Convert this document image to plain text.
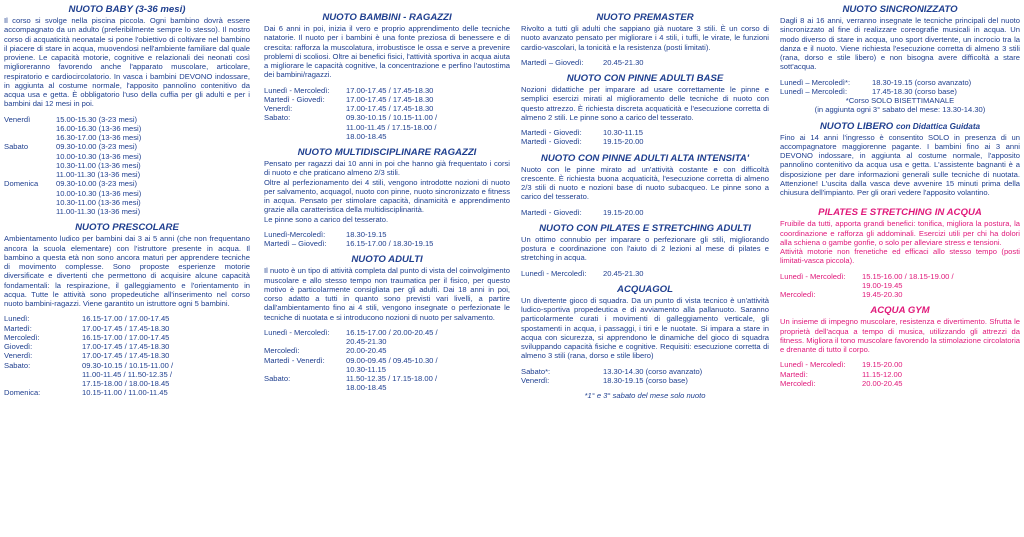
NUOTO BABY (3-36 mesi)

Il corso si svolge nella piscina piccola. Ogni bambino dovrà essere accompagnato da un adulto (preferibilmente sempre lo stesso). Il nostro corso di acquaticità neonatale si pone l'obiettivo di coltivare nel bambino il piacere di stare in acqua, muovendosi nell'ambiente familiare dal quale proviene. Le capacità motorie, cognitive e relazionali dei neonati così miglioreranno favorendo anche l'apparato muscolare, articolare, respiratorio e cardiocircolatorio. In vasca i bambini DEVONO indossare, in aggiunta al costume normale, l'apposito pannolino contenitivo da acqua usa e getta. È obbligatorio l'uso della cuffia per gli adulti e per i bambini dai 12 mesi in poi.

Venerdì	15.00-15.30 (3-23 mesi)
16.00-16.30 (13-36 mesi)
16.30-17.00 (13-36 mesi)
Sabato	09.30-10.00 (3-23 mesi)
10.00-10.30 (13-36 mesi)
10.30-11.00 (13-36 mesi)
11.00-11.30 (13-36 mesi)
Domenica	09.30-10.00 (3-23 mesi)
10.00-10.30 (13-36 mesi)
10.30-11.00 (13-36 mesi)
11.00-11.30 (13-36 mesi)
NUOTO PRESCOLARE

Ambientamento ludico per bambini dai 3 ai 5 anni (che non frequentano ancora la scuola elementare) con l'istruttore presente in acqua. Il bambino a questa età non sono ancora maturi per apprendere tecniche di movimento complesse. Sono proposte esperienze motorie diversificate e divertenti che permettono di acquisire alcune capacità fondamentali: la respirazione, il galleggiamento e l'orientamento in acqua. Tutte le attività sono propedeutiche all'inserimento nel corso nuoto bambini-ragazzi. Viene garantito un istruttore ogni 5 bambini.

Lunedì:	16.15-17.00 / 17.00-17.45
Martedì:	17.00-17.45 / 17.45-18.30
Mercoledì:	16.15-17.00 / 17.00-17.45
Giovedì:	17.00-17.45 / 17.45-18.30
Venerdì:	17.00-17.45 / 17.45-18.30
Sabato:	09.30-10.15 / 10.15-11.00 /
11.00-11.45 / 11.50-12.35 /
17.15-18.00 / 18.00-18.45
Domenica:	10.15-11.00 / 11.00-11.45
NUOTO BAMBINI - RAGAZZI

Dai 6 anni in poi, inizia il vero e proprio apprendimento delle tecniche natatorie. Il nuoto per i bambini è una fonte preziosa di benessere e di crescita: rafforza la muscolatura, irrobustisce le ossa e serve a prevenire problemi di scoliosi. Oltre ai benefici fisici, l'attività sportiva in acqua aiuta a migliorare le capacità cognitive, la concentrazione e perfino l'autostima dei bambini/ragazzi.

Lunedì - Mercoledì:	17.00-17.45 / 17.45-18.30
Martedì - Giovedì:	17.00-17.45 / 17.45-18.30
Venerdì:	17.00-17.45 / 17.45-18.30
Sabato:	09.30-10.15 / 10.15-11.00 /
11.00-11.45 / 17.15-18.00 /
18.00-18.45
NUOTO MULTIDISCIPLINARE RAGAZZI

Pensato per ragazzi dai 10 anni in poi che hanno già frequentato i corsi di nuoto e che praticano almeno 2/3 stili.

Oltre al perfezionamento dei 4 stili, vengono introdotte nozioni di nuoto per salvamento, acquagol, nuoto con pinne, nuoto sincronizzato e fitness in acqua. Pensato per stimolare capacità, dinamicità e apprendimento grazie alla caratteristica della multidisciplinarità.

Le pinne sono a carico del tesserato.

Lunedì-Mercoledì:	18.30-19.15
Martedì – Giovedì:	16.15-17.00 / 18.30-19.15
NUOTO ADULTI

Il nuoto è un tipo di attività completa dal punto di vista del coinvolgimento muscolare e allo stesso tempo non traumatica per il fisico, per questo motivo è particolarmente consigliata per gli adulti. Dai 18 anni in poi, corso adatto a tutti in quanto sono previsti vari livelli, a partire dall'ambientamento fino ai 4 stili, vengono insegnate o perfezionate le tecniche di nuotata e si introducono nozioni di nuoto per salvamento.

Lunedì - Mercoledì:	16.15-17.00 / 20.00-20.45 /
20.45-21.30
Mercoledì:	20.00-20.45
Martedì - Venerdì:	09.00-09.45 / 09.45-10.30 /
10.30-11.15
Sabato:	11.50-12.35 / 17.15-18.00 /
18.00-18.45
NUOTO PREMASTER

Rivolto a tutti gli adulti che sappiano già nuotare 3 stili. È un corso di nuoto avanzato pensato per migliorare i 4 stili, i tuffi, le virate, le funzioni cardio-vascolari, la tonicità e la resistenza (posti limitati).

Martedì – Giovedì:	20.45-21.30
NUOTO CON PINNE ADULTI BASE

Nozioni didattiche per imparare ad usare correttamente le pinne e semplici esercizi mirati al miglioramento delle tecniche di nuoto con questo attrezzo. È richiesta discreta acquaticità e l'esecuzione corretta di almeno 2 stili. Le pinne sono a carico del tesserato.

Martedì - Giovedì:	10.30-11.15
Martedì - Giovedì:	19.15-20.00
NUOTO CON PINNE ADULTI ALTA INTENSITA'

Nuoto con le pinne mirato ad un'attività costante e con difficoltà crescente. È richiesta buona acquaticità, l'esecuzione corretta di almeno 2/3 stili di nuoto e nozioni base di nuoto subacqueo. Le pinne sono a carico del tesserato.

Martedì - Giovedì:	19.15-20.00
NUOTO CON PILATES E STRETCHING ADULTI

Un ottimo connubio per imparare o perfezionare gli stili, migliorando postura e coordinazione con l'aiuto di 2 lezioni al mese di pilates e stretching in acqua.

Lunedì - Mercoledì:	20.45-21.30
ACQUAGOL

Un divertente gioco di squadra. Da un punto di vista tecnico è un'attività ludico-sportiva propedeutica e di avviamento alla pallanuoto. Saranno particolarmente curati i movimenti di galleggiamento verticale, gli spostamenti in acqua, i passaggi, i tiri e le nuotate. Si impara a stare in acqua con sicurezza, si apprendono le dinamiche del gioco di squadra sviluppando capacità fisiche e cognitive. Requisiti: esecuzione corretta di almeno 3 stili (rana, dorso e stile libero)

Sabato*:	13.30-14.30 (corso avanzato)
Venerdì:	18.30-19.15 (corso base)

*1° e 3° sabato del mese solo nuoto

NUOTO SINCRONIZZATO

Dagli 8 ai 16 anni, verranno insegnate le tecniche principali del nuoto sincronizzato al fine di realizzare coreografie musicali in acqua. Un modo diverso di stare in acqua, uno sport divertente, un incrocio tra la danza e il nuoto. Viene richiesta l'esecuzione corretta di almeno 3 stili (rana, dorso e stile libero) e non bisogna avere difficoltà a stare sott'acqua.

Lunedì – Mercoledì*:	18.30-19.15 (corso avanzato)
Lunedì – Mercoledì:	17.45-18.30 (corso base)

*Corso SOLO BISETTIMANALE

(in aggiunta ogni 3° sabato del mese: 13.30-14.30)

NUOTO LIBERO con Didattica Guidata

Fino ai 14 anni l'ingresso è consentito SOLO in presenza di un accompagnatore maggiorenne pagante. I bambini fino ai 3 anni DEVONO indossare, in aggiunta al costume normale, l'apposito pannolino contenitivo da acqua usa e getta. L'assistente bagnanti è a disposizione per dare informazioni generali sulle tecniche di nuotata. Attenzione! L'uscita dalla vasca deve avvenire 15 minuti prima della chiusura dell'impianto. Per gli orari vedere l'apposito volantino.

PILATES E STRETCHING IN ACQUA

Fruibile da tutti, apporta grandi benefici: tonifica, migliora la postura, la coordinazione e rafforza gli addominali. Esercizi utili per chi ha dolori alla schiena o gambe gonfie, o solo per alleviare stress e tensioni.

Attività motorie non frenetiche ed efficaci allo stesso tempo (posti limitati-vasca piccola).

Lunedì - Mercoledì:	15.15-16.00 / 18.15-19.00 /
19.00-19.45
Mercoledì:	19.45-20.30
ACQUA GYM

Un insieme di impegno muscolare, resistenza e divertimento. Sfrutta le proprietà dell'acqua a tempo di musica, utilizzando gli attrezzi da fitness. Migliora il tono muscolare favorendo la stimolazione circolatoria e drenante di tutto il corpo.

Lunedì - Mercoledì:	19.15-20.00
Martedì:	11.15-12.00
Mercoledì:	20.00-20.45
